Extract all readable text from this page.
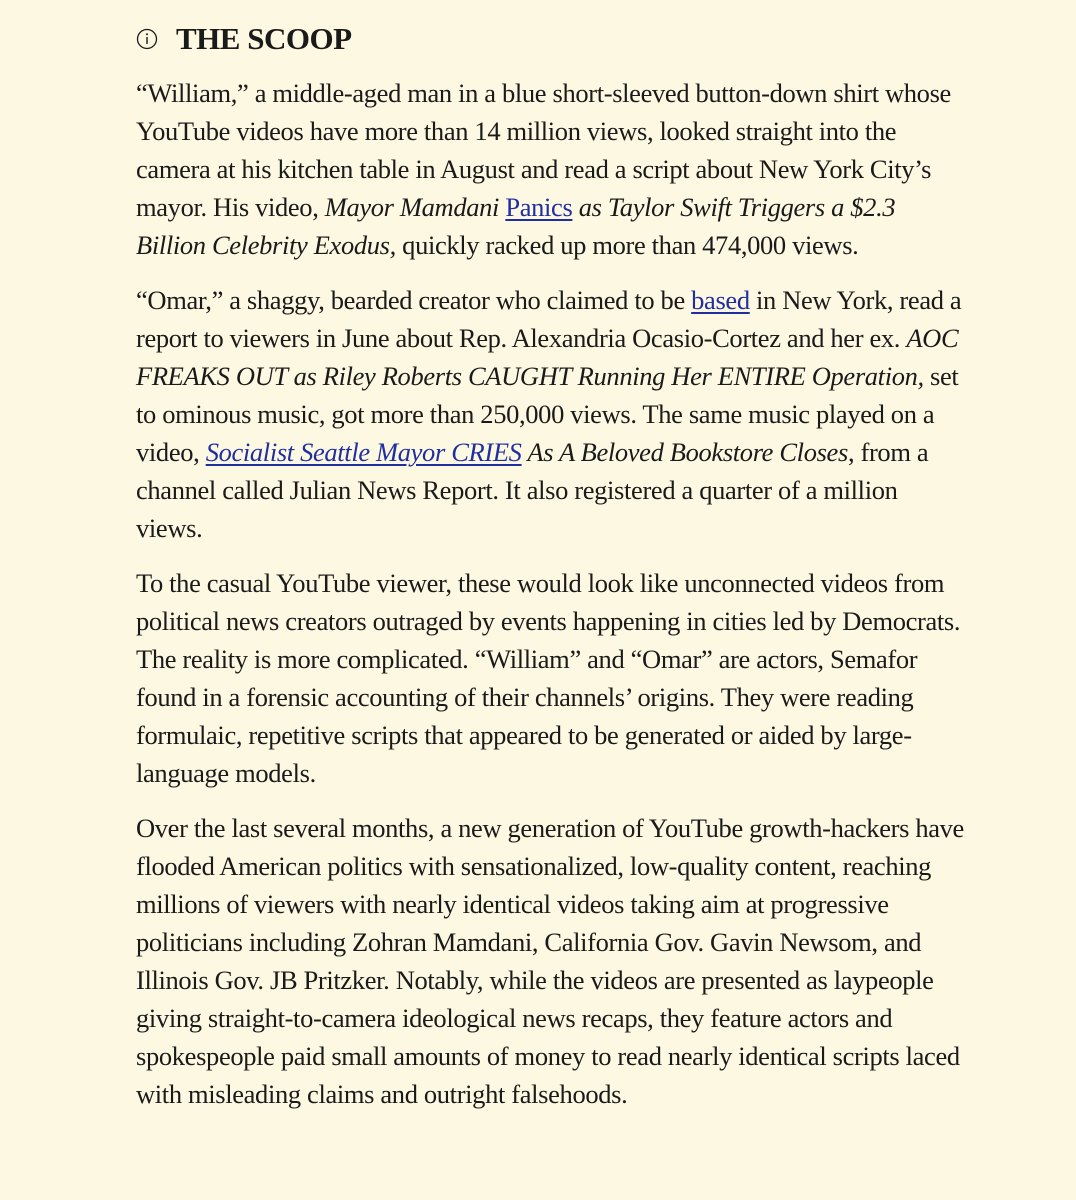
THE SCOOP

“William,” a middle-aged man in a blue short-sleeved button-down shirt whose YouTube videos have more than 14 million views, looked straight into the camera at his kitchen table in August and read a script about New York City’s mayor. His video, Mayor Mamdani Panics as Taylor Swift Triggers a $2.3 Billion Celebrity Exodus, quickly racked up more than 474,000 views.

“Omar,” a shaggy, bearded creator who claimed to be based in New York, read a report to viewers in June about Rep. Alexandria Ocasio-Cortez and her ex. AOC FREAKS OUT as Riley Roberts CAUGHT Running Her ENTIRE Operation, set to ominous music, got more than 250,000 views. The same music played on a video, Socialist Seattle Mayor CRIES As A Beloved Bookstore Closes, from a channel called Julian News Report. It also registered a quarter of a million views.

To the casual YouTube viewer, these would look like unconnected videos from political news creators outraged by events happening in cities led by Democrats. The reality is more complicated. “William” and “Omar” are actors, Semafor found in a forensic accounting of their channels’ origins. They were reading formulaic, repetitive scripts that appeared to be generated or aided by large-language models.

Over the last several months, a new generation of YouTube growth-hackers have flooded American politics with sensationalized, low-quality content, reaching millions of viewers with nearly identical videos taking aim at progressive politicians including Zohran Mamdani, California Gov. Gavin Newsom, and Illinois Gov. JB Pritzker. Notably, while the videos are presented as laypeople giving straight-to-camera ideological news recaps, they feature actors and spokespeople paid small amounts of money to read nearly identical scripts laced with misleading claims and outright falsehoods.
